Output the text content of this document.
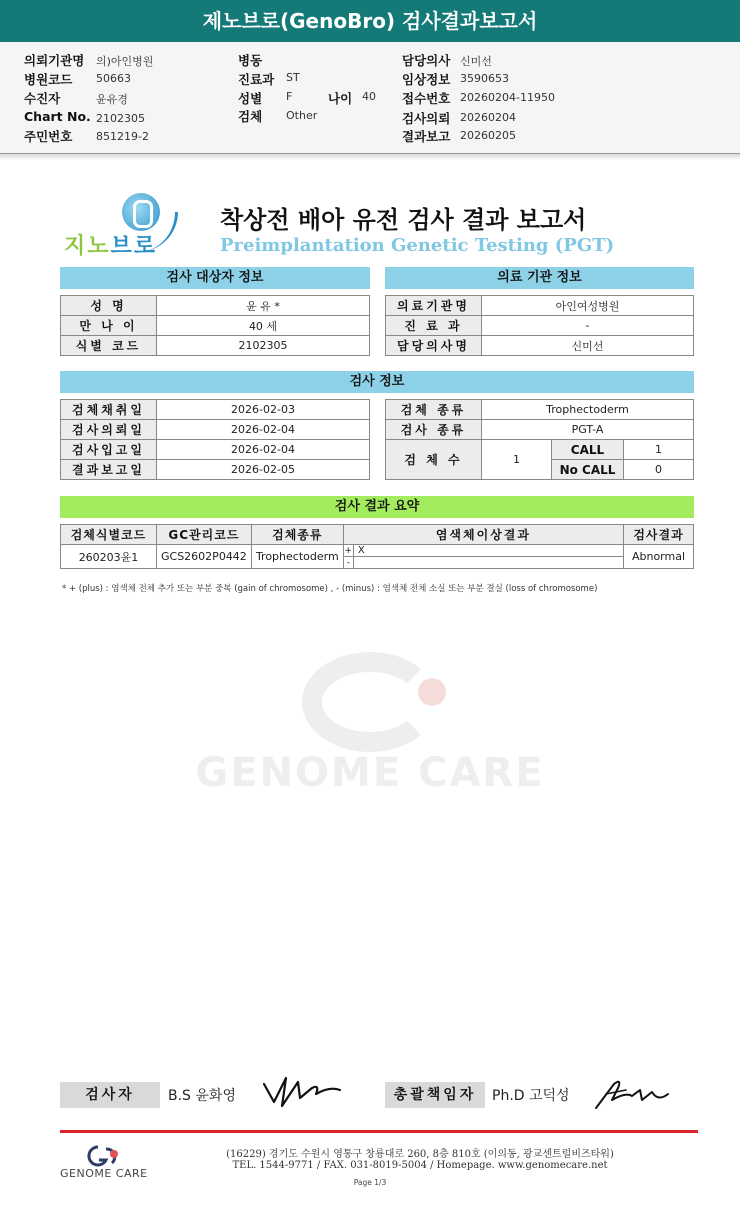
제노브로(GenoBro) 검사결과보고서
의뢰기관명 의)아인병원
병원코드 50663
수진자	윤유경
Chart No. 2102305
주민번호 851219-2
병동
진료과 ST
성별 F	나이 40
검체 Other
담당의사 신미선
임상정보 3590653
접수번호 20260204-11950
검사의뢰 20260204
결과보고 20260205
지노브로
착상전 배아 유전 검사 결과 보고서
Preimplantation Genetic Testing (PGT)
검사 대상자 정보
성 명	윤 유 *
만 나 이	40 세
식별 코드	2102305
의료 기관 정보
의료기관명	아인여성병원
진 료 과	-
담당의사명	신미선
검사 정보
검체채취일	2026-02-03
검사의뢰일	2026-02-04
검사입고일	2026-02-04
결과보고일	2026-02-05
검체 종류	Trophectoderm		
검사 종류	PGT-A		
검 체 수	1	CALL	1
		No CALL	0
검사 결과 요약
검체식별코드	GC관리코드	검체종류	염색체이상결과		검사결과
260203윤1	GCS2602P0442	Trophectoderm	+	X	Abnormal
			-		
* + (plus) : 염색체 전체 추가 또는 부분 중복 (gain of chromosome) , - (minus) : 염색체 전체 소실 또는 부분 결실 (loss of chromosome)
GENOME CARE
검사자	B.S 윤화영	총괄책임자	Ph.D 고덕성
GENOME CARE
(16229) 경기도 수원시 영통구 창룡대로 260, 8층 810호 (이의동, 광교센트럴비즈타워)
TEL. 1544-9771 / FAX. 031-8019-5004 / Homepage. www.genomecare.net
Page 1/3
